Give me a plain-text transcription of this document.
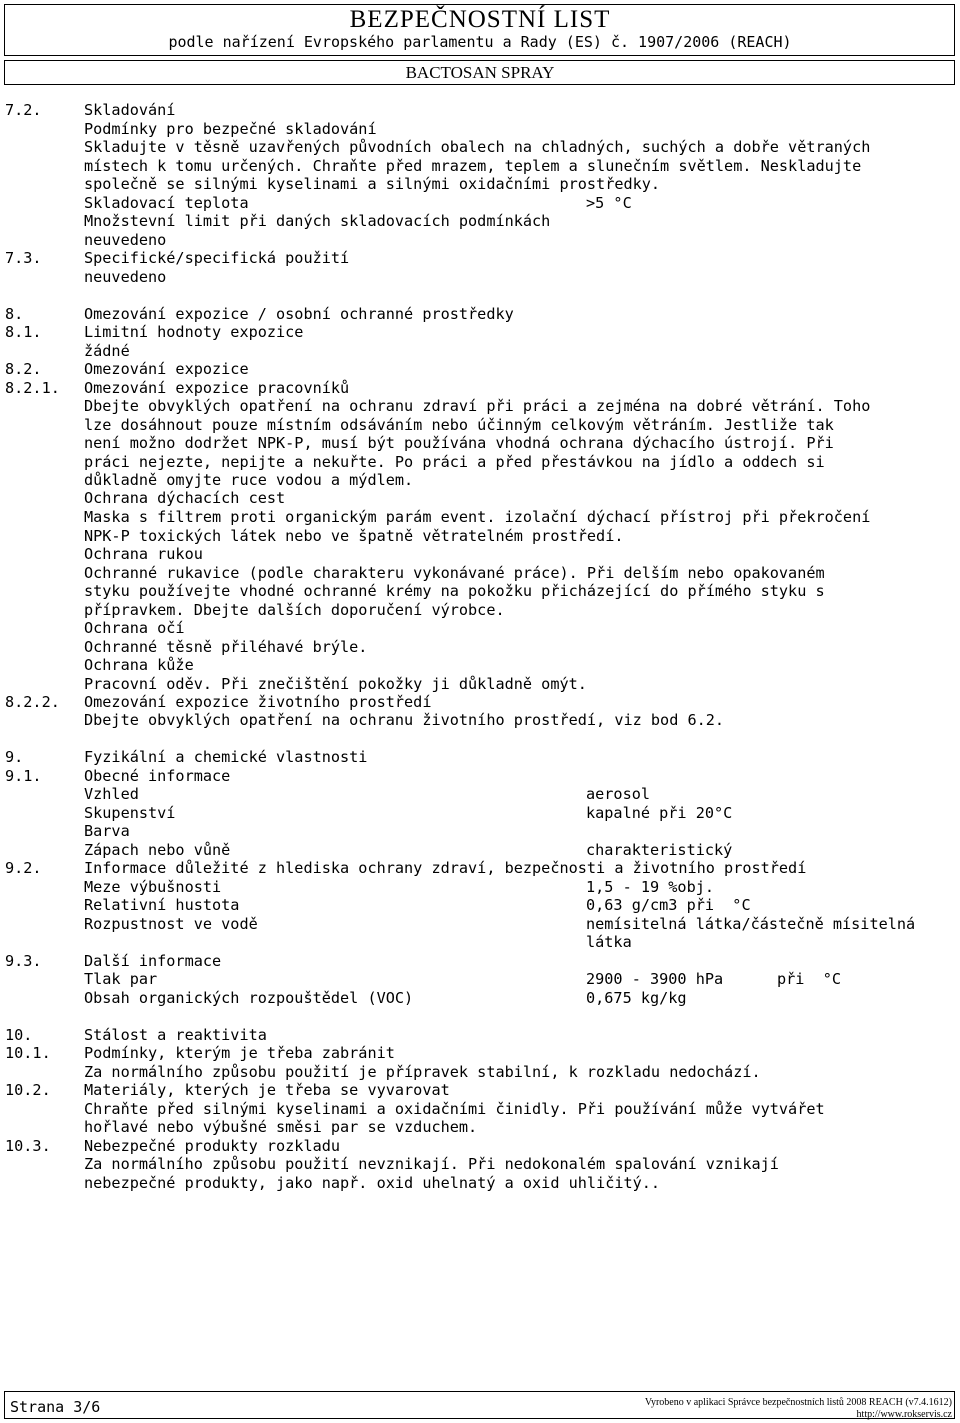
BEZPEČNOSTNÍ LIST
podle nařízení Evropského parlamentu a Rady (ES) č. 1907/2006 (REACH)
BACTOSAN SPRAY
7.2.	Skladování
Podmínky pro bezpečné skladování
Skladujte v těsně uzavřených původních obalech na chladných, suchých a dobře větraných
místech k tomu určených. Chraňte před mrazem, teplem a slunečním světlem. Neskladujte
společně se silnými kyselinami a silnými oxidačními prostředky.
Skladovací teplota	>5 °C
Množstevní limit při daných skladovacích podmínkách
neuvedeno
7.3.	Specifické/specifická použití
neuvedeno
8.	Omezování expozice / osobní ochranné prostředky
8.1.	Limitní hodnoty expozice
žádné
8.2.	Omezování expozice
8.2.1. Omezování expozice pracovníků
Dbejte obvyklých opatření na ochranu zdraví při práci a zejména na dobré větrání. Toho
lze dosáhnout pouze místním odsáváním nebo účinným celkovým větráním. Jestliže tak
není možno dodržet NPK-P, musí být používána vhodná ochrana dýchacího ústrojí. Při
práci nejezte, nepijte a nekuřte. Po práci a před přestávkou na jídlo a oddech si
důkladně omyjte ruce vodou a mýdlem.
Ochrana dýchacích cest
Maska s filtrem proti organickým parám event. izolační dýchací přístroj při překročení
NPK-P toxických látek nebo ve špatně větratelném prostředí.
Ochrana rukou
Ochranné rukavice (podle charakteru vykonávané práce). Při delším nebo opakovaném
styku používejte vhodné ochranné krémy na pokožku přicházející do přímého styku s
přípravkem. Dbejte dalších doporučení výrobce.
Ochrana očí
Ochranné těsně přiléhavé brýle.
Ochrana kůže
Pracovní oděv. Při znečištění pokožky ji důkladně omýt.
8.2.2. Omezování expozice životního prostředí
Dbejte obvyklých opatření na ochranu životního prostředí, viz bod 6.2.
9.	Fyzikální a chemické vlastnosti
9.1.	Obecné informace
Vzhled	aerosol
Skupenství	kapalné při 20°C
Barva
Zápach nebo vůně	charakteristický
9.2.	Informace důležité z hlediska ochrany zdraví, bezpečnosti a životního prostředí
Meze výbušnosti	1,5 - 19 %obj.
Relativní hustota	0,63 g/cm3 při  °C
Rozpustnost ve vodě	nemísitelná látka/částečně mísitelná
látka
9.3.	Další informace
Tlak par	2900 - 3900 hPa	při  °C
Obsah organických rozpouštědel (VOC)	0,675 kg/kg
10.	Stálost a reaktivita
10.1. Podmínky, kterým je třeba zabránit
Za normálního způsobu použití je přípravek stabilní, k rozkladu nedochází.
10.2. Materiály, kterých je třeba se vyvarovat
Chraňte před silnými kyselinami a oxidačními činidly. Při používání může vytvářet
hořlavé nebo výbušné směsi par se vzduchem.
10.3. Nebezpečné produkty rozkladu
Za normálního způsobu použití nevznikají. Při nedokonalém spalování vznikají
nebezpečné produkty, jako např. oxid uhelnatý a oxid uhličitý..
Strana 3/6	Vyrobeno v aplikaci Správce bezpečnostních listů 2008 REACH (v7.4.1612)
http://www.rokservis.cz
